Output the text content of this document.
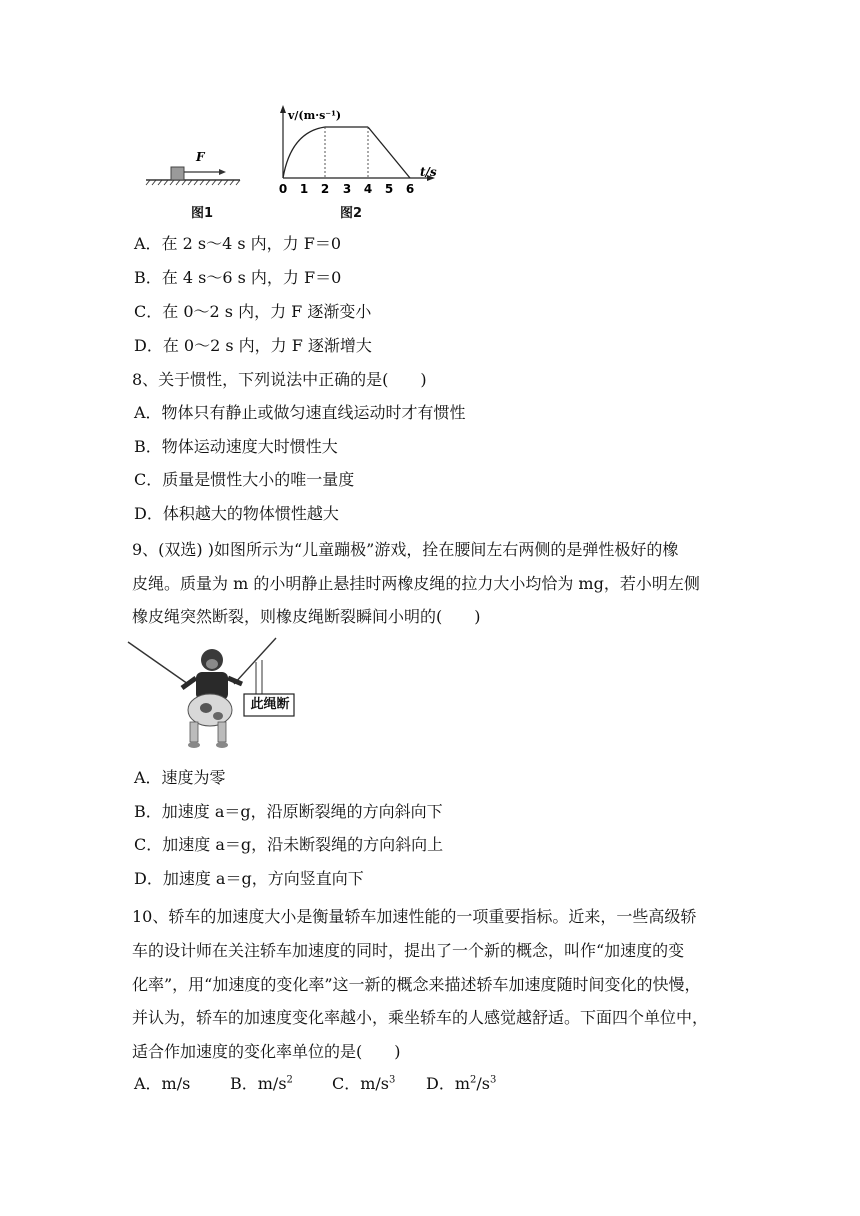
F
v/(m·s⁻¹)
t/s
0 1 2 3 4 5 6
图1	图2
A．在 2 s～4 s 内，力 F＝0
B．在 4 s～6 s 内，力 F＝0
C．在 0～2 s 内，力 F 逐渐变小
D．在 0～2 s 内，力 F 逐渐增大
8、关于惯性，下列说法中正确的是(　　)
A．物体只有静止或做匀速直线运动时才有惯性
B．物体运动速度大时惯性大
C．质量是惯性大小的唯一量度
D．体积越大的物体惯性越大
9、(双选) )如图所示为“儿童蹦极”游戏，拴在腰间左右两侧的是弹性极好的橡
皮绳。质量为 m 的小明静止悬挂时两橡皮绳的拉力大小均恰为 mg，若小明左侧
橡皮绳突然断裂，则橡皮绳断裂瞬间小明的(　　)
此绳断
A．速度为零
B．加速度 a＝g，沿原断裂绳的方向斜向下
C．加速度 a＝g，沿未断裂绳的方向斜向上
D．加速度 a＝g，方向竖直向下
10、轿车的加速度大小是衡量轿车加速性能的一项重要指标。近来，一些高级轿
车的设计师在关注轿车加速度的同时，提出了一个新的概念，叫作“加速度的变
化率”，用“加速度的变化率”这一新的概念来描述轿车加速度随时间变化的快慢，
并认为，轿车的加速度变化率越小，乘坐轿车的人感觉越舒适。下面四个单位中，
适合作加速度的变化率单位的是(　　)
A．m/s B．$m/s^2$ C．$m/s^3$ D．$m^2/s^3$
